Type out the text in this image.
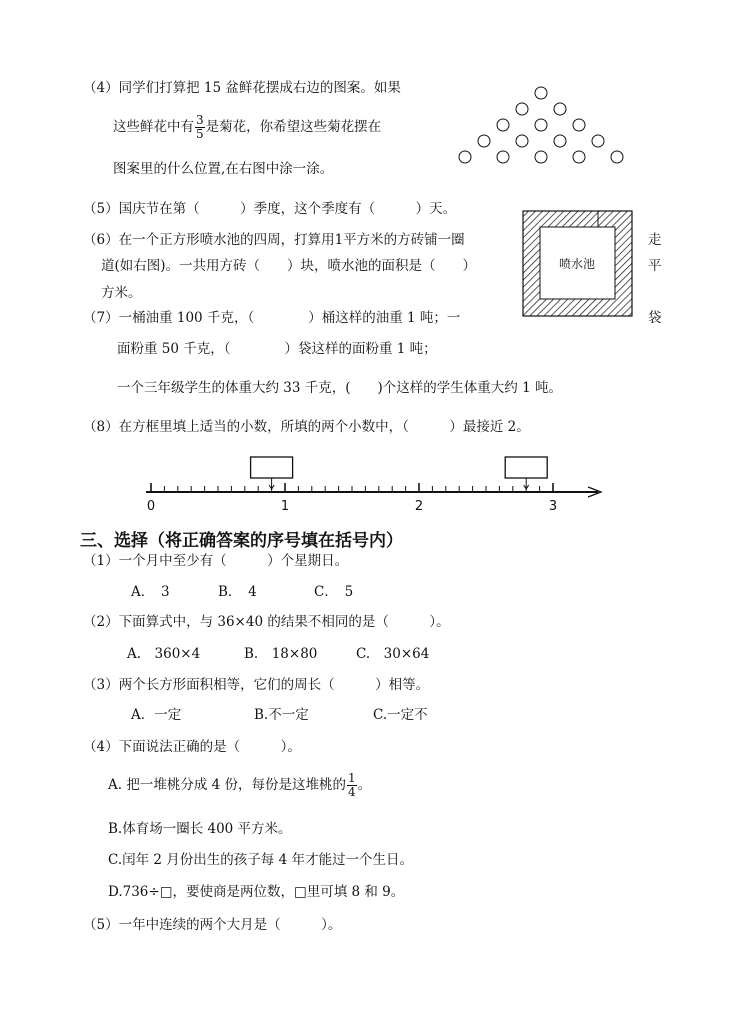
（4）同学们打算把 15 盆鲜花摆成右边的图案。如果
这些鲜花中有 $\frac{3}{5}$ 是菊花，你希望这些菊花摆在
图案里的什么位置,在右图中涂一涂。
（5）国庆节在第（　　　）季度，这个季度有（　　　）天。
（6）在一个正方形喷水池的四周，打算用1平方米的方砖铺一圈
道(如右图)。一共用方砖（　　）块，喷水池的面积是（　　）
方米。
走
平
喷水池
（7）一桶油重 100 千克，（　　　　）桶这样的油重 1 吨；一	袋
面粉重 50 千克，（　　　　）袋这样的面粉重 1 吨；
一个三年级学生的体重大约 33 千克，(　　)个这样的学生体重大约 1 吨。
（8）在方框里填上适当的小数，所填的两个小数中，（　　　）最接近 2。
0	1	2	3
三、选择（将正确答案的序号填在括号内）
（1）一个月中至少有（　　　）个星期日。
A．　3	B．　4	C．　5
（2）下面算式中，与 36×40 的结果不相同的是（　　　）。
A.　360×4	B.　18×80	C.　30×64
（3）两个长方形面积相等，它们的周长（　　　）相等。
A．一定	B.不一定	C.一定不
（4）下面说法正确的是（　　　）。
A. 把一堆桃分成 4 份，每份是这堆桃的 $\frac{1}{4}$ 。
B.体育场一圈长 400 平方米。
C.闰年 2 月份出生的孩子每 4 年才能过一个生日。
D.736÷□，要使商是两位数，□里可填 8 和 9。
（5）一年中连续的两个大月是（　　　）。
